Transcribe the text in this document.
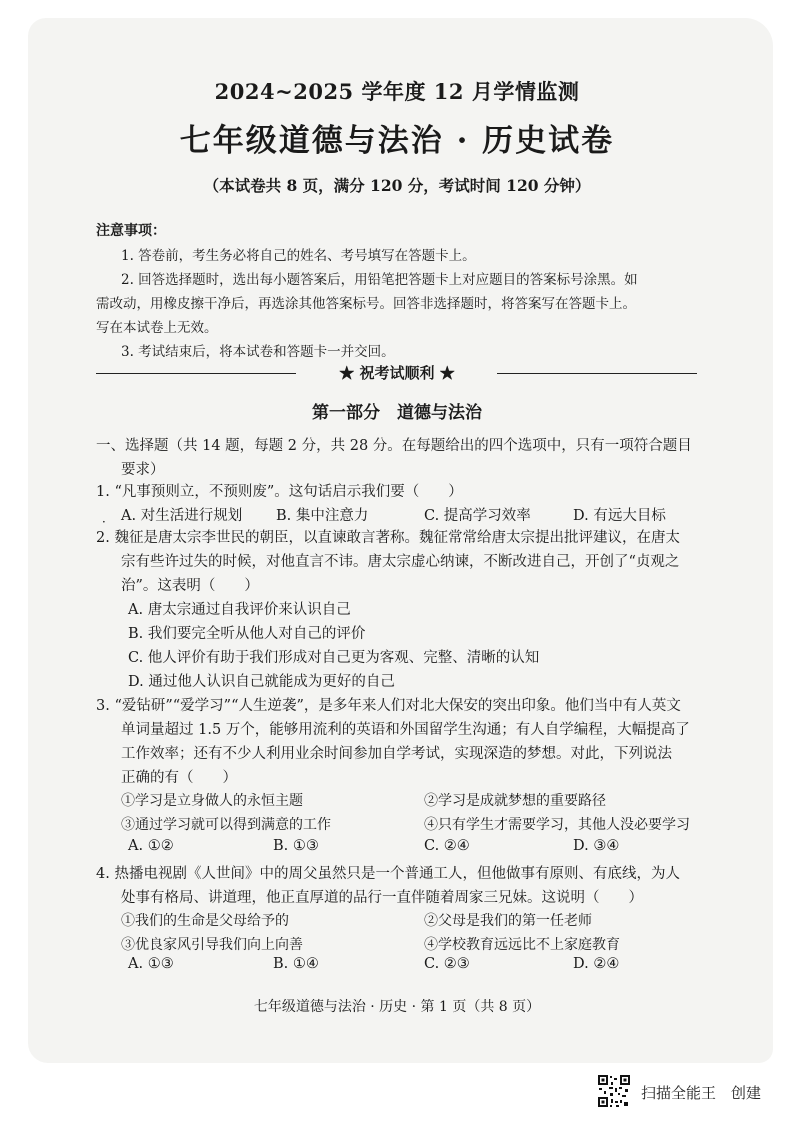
2024~2025 学年度 12 月学情监测
七年级道德与法治 · 历史试卷
（本试卷共 8 页，满分 120 分，考试时间 120 分钟）
注意事项：
1. 答卷前，考生务必将自己的姓名、考号填写在答题卡上。
2. 回答选择题时，选出每小题答案后，用铅笔把答题卡上对应题目的答案标号涂黑。如
需改动，用橡皮擦干净后，再选涂其他答案标号。回答非选择题时，将答案写在答题卡上。
写在本试卷上无效。
3. 考试结束后，将本试卷和答题卡一并交回。
★ 祝考试顺利 ★
第一部分　道德与法治
一、选择题（共 14 题，每题 2 分，共 28 分。在每题给出的四个选项中，只有一项符合题目
要求）
1. “凡事预则立，不预则废”。这句话启示我们要（　　）
A. 对生活进行规划 B. 集中注意力	C. 提高学习效率	D. 有远大目标
．
2. 魏征是唐太宗李世民的朝臣，以直谏敢言著称。魏征常常给唐太宗提出批评建议，在唐太
宗有些许过失的时候，对他直言不讳。唐太宗虚心纳谏，不断改进自己，开创了“贞观之
治”。这表明（　　）
A. 唐太宗通过自我评价来认识自己
B. 我们要完全听从他人对自己的评价
C. 他人评价有助于我们形成对自己更为客观、完整、清晰的认知
D. 通过他人认识自己就能成为更好的自己
3. “爱钻研”“爱学习”“人生逆袭”，是多年来人们对北大保安的突出印象。他们当中有人英文
单词量超过 1.5 万个，能够用流利的英语和外国留学生沟通；有人自学编程，大幅提高了
工作效率；还有不少人利用业余时间参加自学考试，实现深造的梦想。对此，下列说法
正确的有（　　）
①学习是立身做人的永恒主题	②学习是成就梦想的重要路径
③通过学习就可以得到满意的工作	④只有学生才需要学习，其他人没必要学习
A. ①②	B. ①③	C. ②④	D. ③④
4. 热播电视剧《人世间》中的周父虽然只是一个普通工人，但他做事有原则、有底线，为人
处事有格局、讲道理，他正直厚道的品行一直伴随着周家三兄妹。这说明（　　）
①我们的生命是父母给予的	②父母是我们的第一任老师
③优良家风引导我们向上向善	④学校教育远远比不上家庭教育
A. ①③	B. ①④	C. ②③	D. ②④
七年级道德与法治 · 历史 · 第 1 页（共 8 页）
扫描全能王　创建
